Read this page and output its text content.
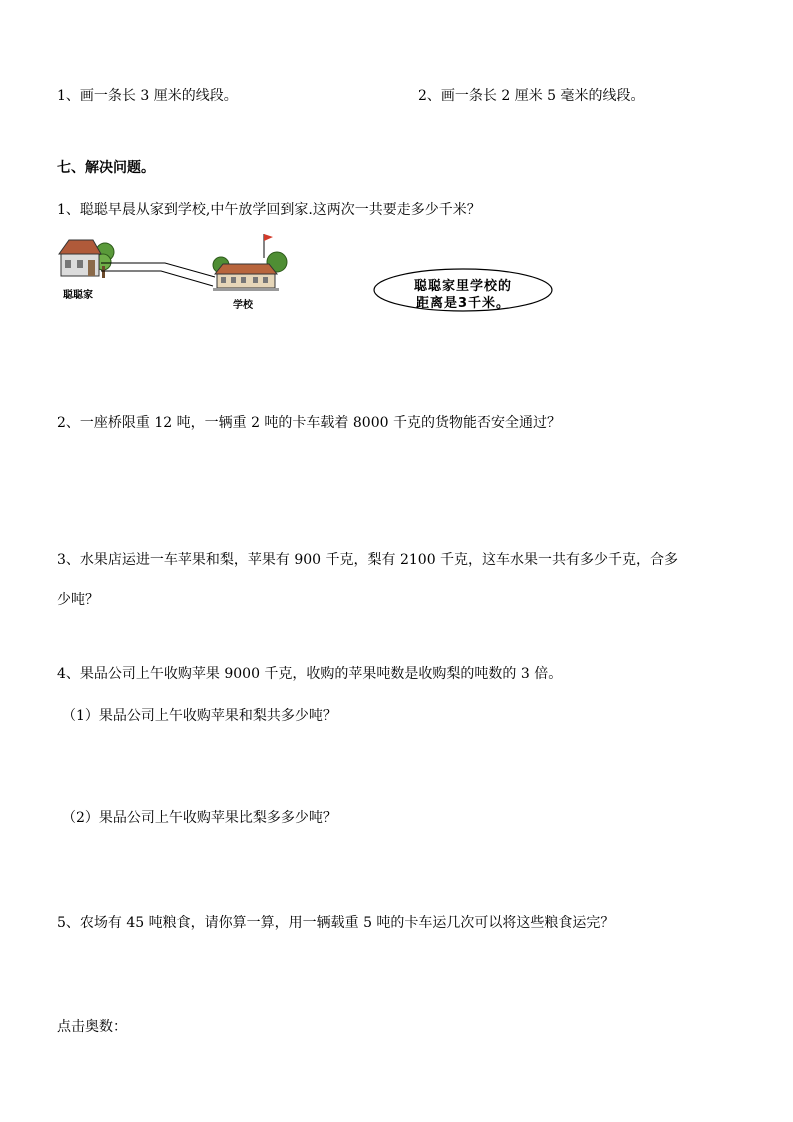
1、画一条长 3 厘米的线段。	2、画一条长 2 厘米 5 毫米的线段。
七、解决问题。
1、聪聪早晨从家到学校,中午放学回到家.这两次一共要走多少千米？
聪聪家
学校
聪聪家里学校的
距离是3千米。
2、一座桥限重 12 吨，一辆重 2 吨的卡车载着 8000 千克的货物能否安全通过？
3、水果店运进一车苹果和梨，苹果有 900 千克，梨有 2100 千克，这车水果一共有多少千克，合多
少吨？
4、果品公司上午收购苹果 9000 千克，收购的苹果吨数是收购梨的吨数的 3 倍。
（1）果品公司上午收购苹果和梨共多少吨？
（2）果品公司上午收购苹果比梨多多少吨？
5、农场有 45 吨粮食，请你算一算，用一辆载重 5 吨的卡车运几次可以将这些粮食运完？
点击奥数：
